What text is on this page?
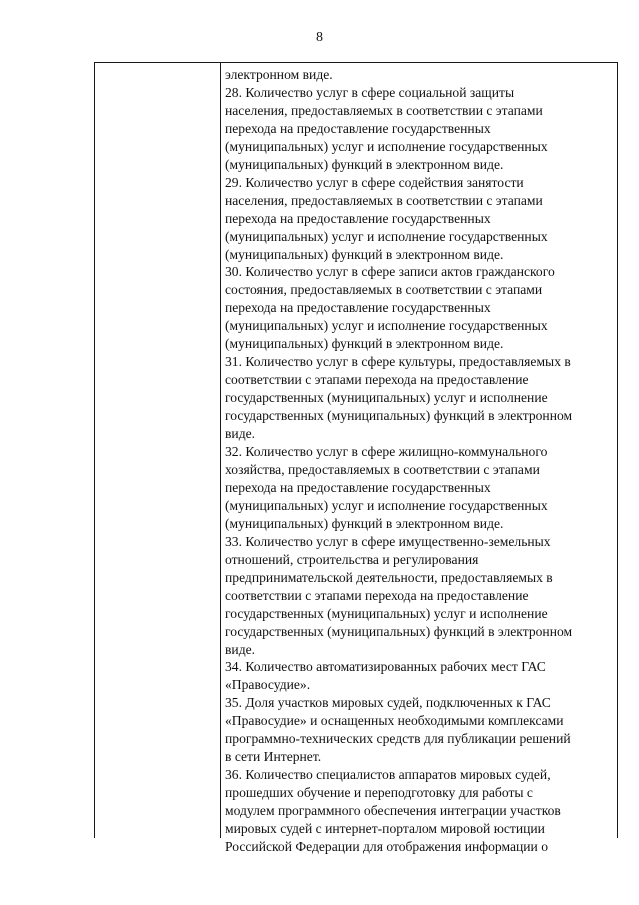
8
электронном виде.
28. Количество услуг в сфере социальной защиты
населения, предоставляемых в соответствии с этапами
перехода на предоставление государственных
(муниципальных) услуг и исполнение государственных
(муниципальных) функций в электронном виде.
29. Количество услуг в сфере содействия занятости
населения, предоставляемых в соответствии с этапами
перехода на предоставление государственных
(муниципальных) услуг и исполнение государственных
(муниципальных) функций в электронном виде.
30. Количество услуг в сфере записи актов гражданского
состояния, предоставляемых в соответствии с этапами
перехода на предоставление государственных
(муниципальных) услуг и исполнение государственных
(муниципальных) функций в электронном виде.
31. Количество услуг в сфере культуры, предоставляемых в
соответствии с этапами перехода на предоставление
государственных (муниципальных) услуг и исполнение
государственных (муниципальных) функций в электронном
виде.
32. Количество услуг в сфере жилищно-коммунального
хозяйства, предоставляемых в соответствии с этапами
перехода на предоставление государственных
(муниципальных) услуг и исполнение государственных
(муниципальных) функций в электронном виде.
33. Количество услуг в сфере имущественно-земельных
отношений, строительства и регулирования
предпринимательской деятельности, предоставляемых в
соответствии с этапами перехода на предоставление
государственных (муниципальных) услуг и исполнение
государственных (муниципальных) функций в электронном
виде.
34. Количество автоматизированных рабочих мест ГАС
«Правосудие».
35. Доля участков мировых судей, подключенных к ГАС
«Правосудие» и оснащенных необходимыми комплексами
программно-технических средств для публикации решений
в сети Интернет.
36. Количество специалистов аппаратов мировых судей,
прошедших обучение и переподготовку для работы с
модулем программного обеспечения интеграции участков
мировых судей с интернет-порталом мировой юстиции
Российской Федерации для отображения информации о
